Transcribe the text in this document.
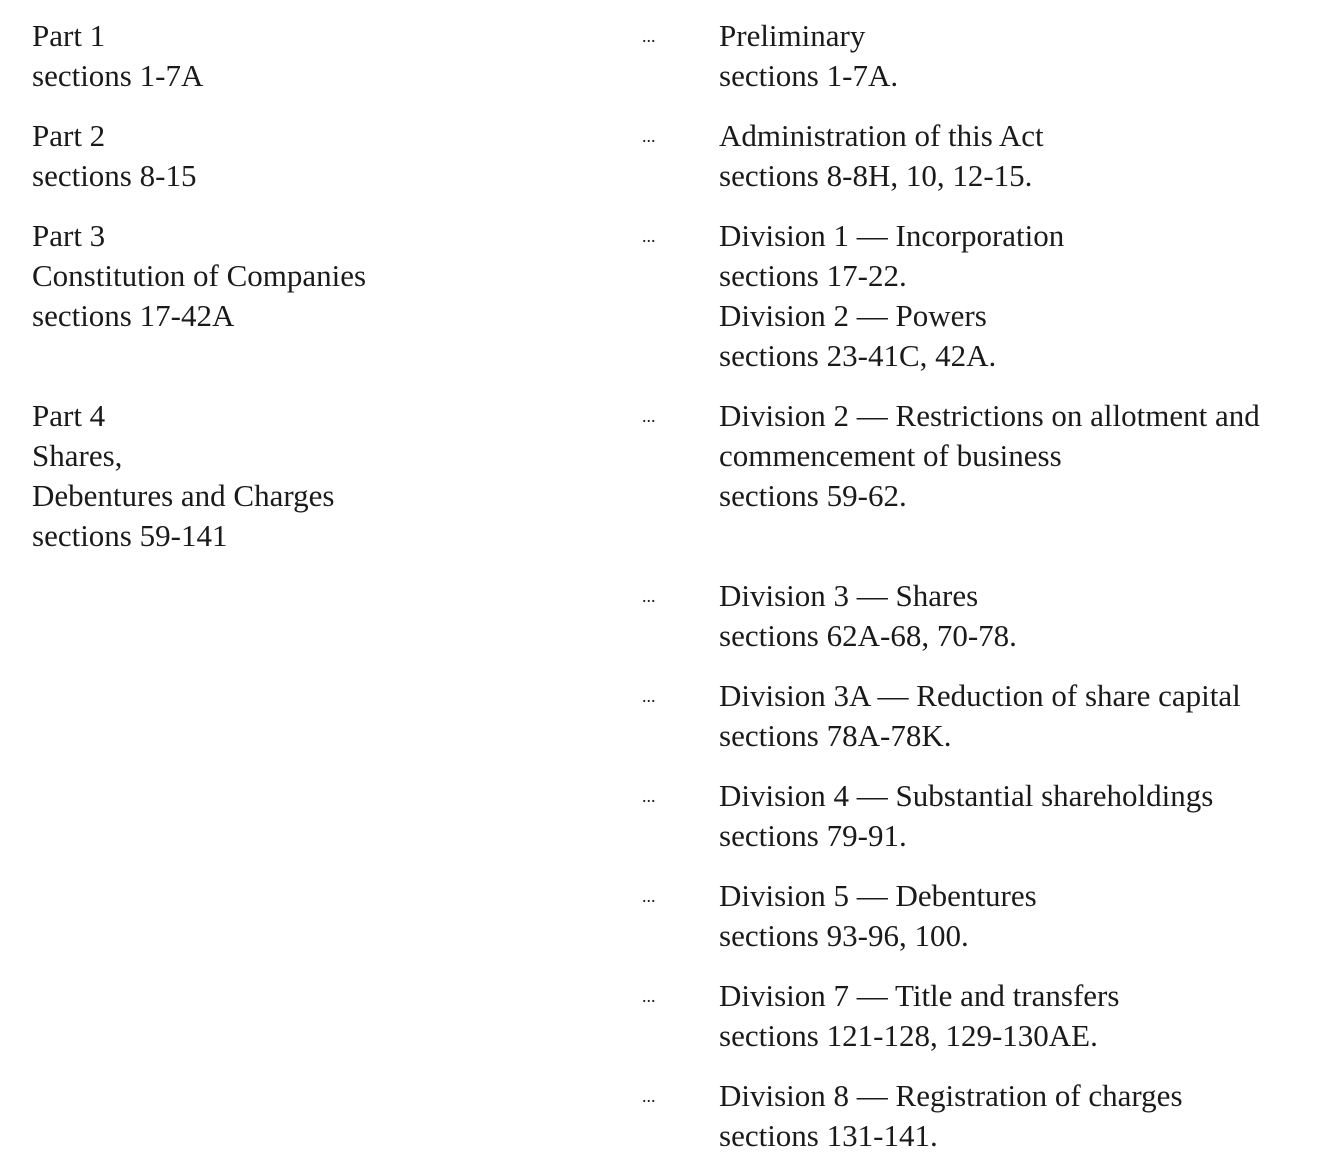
Part 1
sections 1-7A
... Preliminary
sections 1-7A.
Part 2
sections 8-15
... Administration of this Act
sections 8-8H, 10, 12-15.
Part 3
Constitution of Companies
sections 17-42A
... Division 1 — Incorporation
sections 17-22.
Division 2 — Powers
sections 23-41C, 42A.
Part 4
Shares,
Debentures and Charges
sections 59-141
... Division 2 — Restrictions on allotment and
commencement of business
sections 59-62.
... Division 3 — Shares
sections 62A-68, 70-78.
... Division 3A — Reduction of share capital
sections 78A-78K.
... Division 4 — Substantial shareholdings
sections 79-91.
... Division 5 — Debentures
sections 93-96, 100.
... Division 7 — Title and transfers
sections 121-128, 129-130AE.
... Division 8 — Registration of charges
sections 131-141.
